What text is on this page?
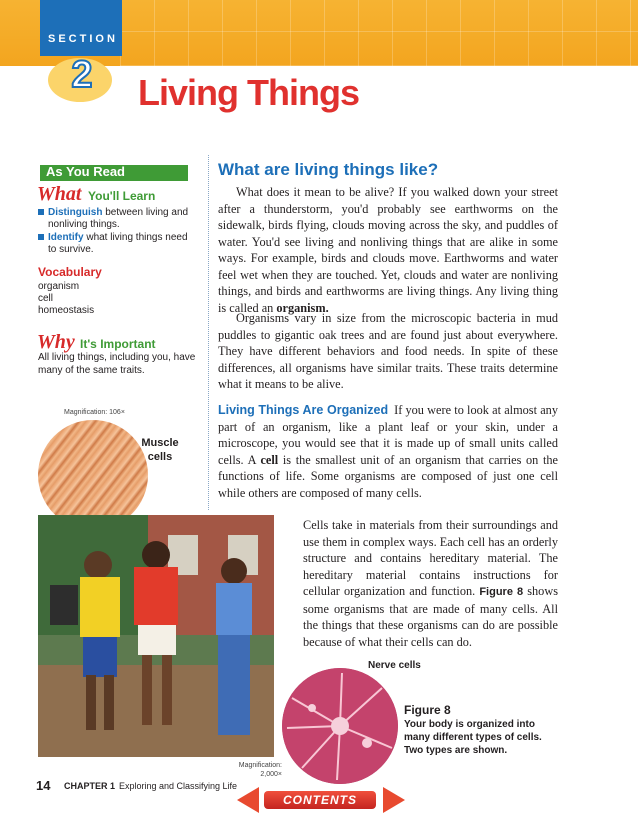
SECTION
2	Living Things
As You Read
What You'll Learn
Distinguish between living and nonliving things.
Identify what living things need to survive.
Vocabulary
organism
cell
homeostasis
Why It's Important
All living things, including you, have many of the same traits.
Magnification: 106×
Muscle cells
What are living things like?

What does it mean to be alive? If you walked down your street after a thunderstorm, you'd probably see earthworms on the sidewalk, birds flying, clouds moving across the sky, and puddles of water. You'd see living and nonliving things that are alike in some ways. For example, birds and clouds move. Earthworms and water feel wet when they are touched. Yet, clouds and water are nonliving things, and birds and earthworms are living things. Any living thing is called an organism.

Organisms vary in size from the microscopic bacteria in mud puddles to gigantic oak trees and are found just about everywhere. They have different behaviors and food needs. In spite of these differences, all organisms have similar traits. These traits determine what it means to be alive.

Living Things Are Organized If you were to look at almost any part of an organism, like a plant leaf or your skin, under a microscope, you would see that it is made up of small units called cells. A cell is the smallest unit of an organism that carries on the functions of life. Some organisms are composed of just one cell while others are composed of many cells.

Cells take in materials from their surroundings and use them in complex ways. Each cell has an orderly structure and contains hereditary material. The hereditary material contains instructions for cellular organization and function. Figure 8 shows some organisms that are made of many cells. All the things that these organisms can do are possible because of what their cells can do.

Nerve cells
Magnification: 2,000×
Figure 8
Your body is organized into many different types of cells. Two types are shown.
14 CHAPTER 1 Exploring and Classifying Life
CONTENTS
